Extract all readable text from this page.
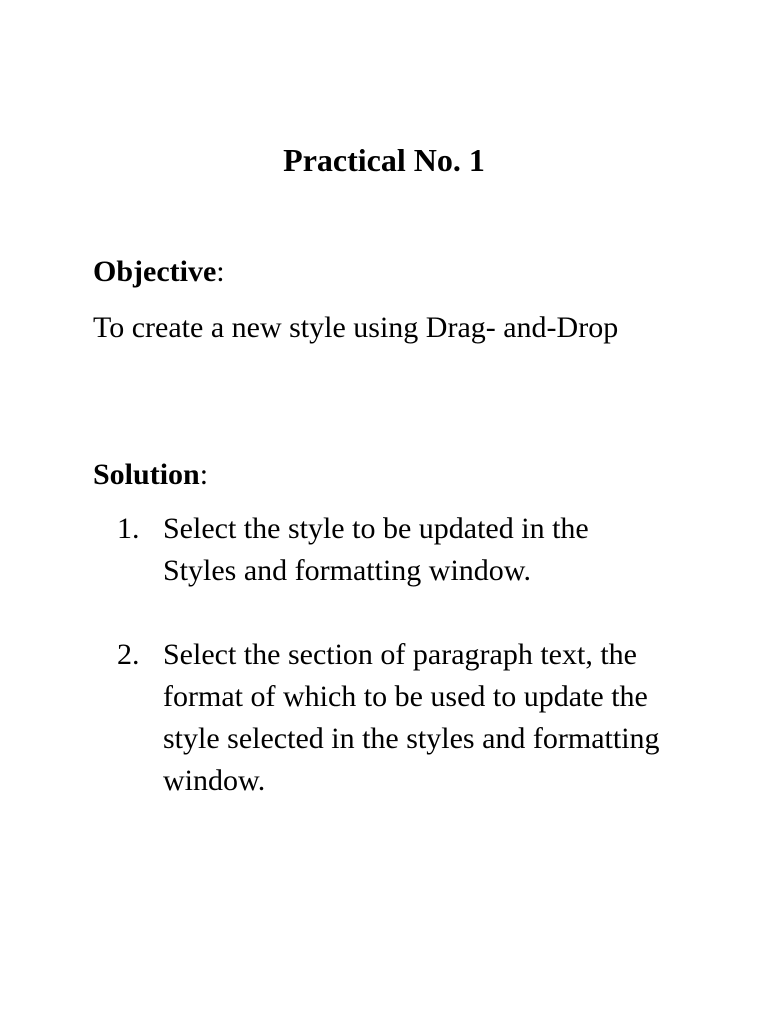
Practical No. 1

Objective:

To create a new style using Drag- and-Drop

Solution:

1. Select the style to be updated in the Styles and formatting window.
2. Select the section of paragraph text, the format of which to be used to update the style selected in the styles and formatting window.
